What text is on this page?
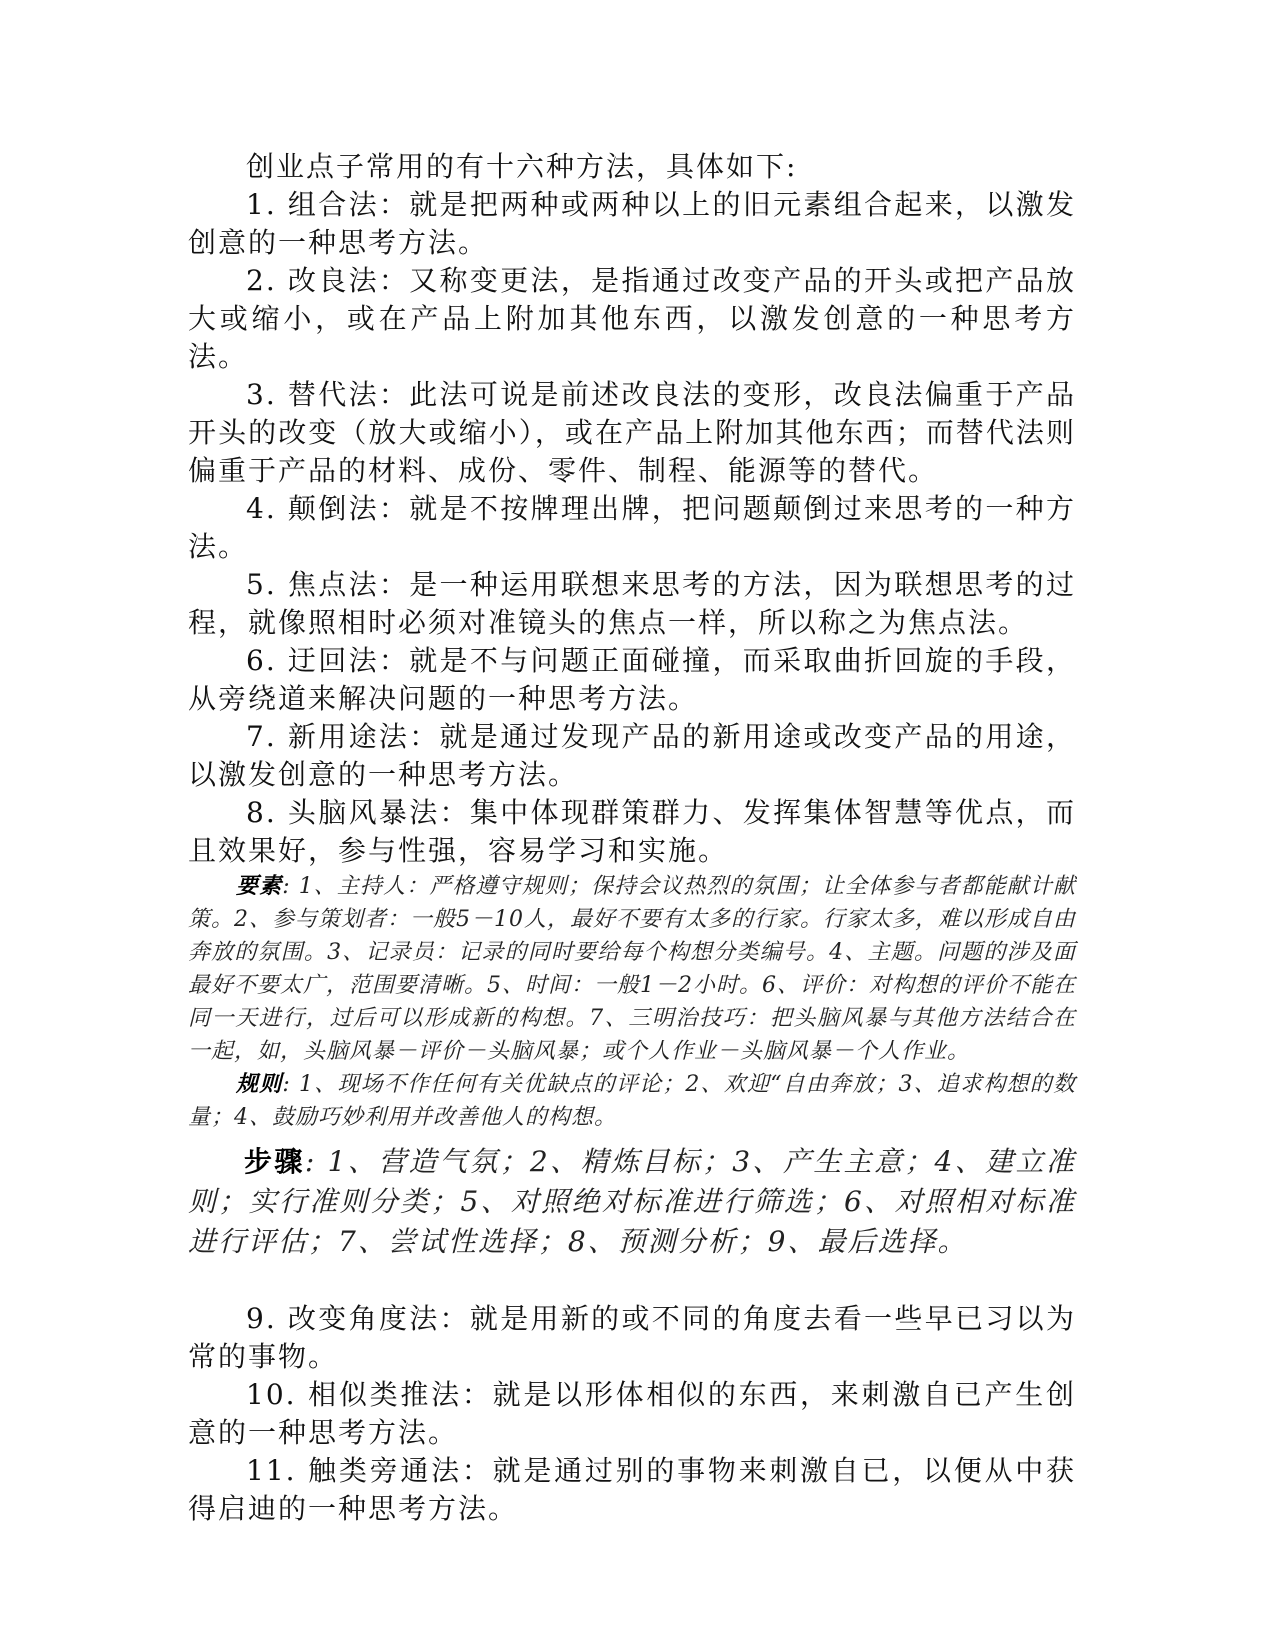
创业点子常用的有十六种方法，具体如下:

1. 组合法：就是把两种或两种以上的旧元素组合起来，以激发创意的一种思考方法。

2. 改良法：又称变更法，是指通过改变产品的开头或把产品放大或缩小，或在产品上附加其他东西，以激发创意的一种思考方法。

3. 替代法：此法可说是前述改良法的变形，改良法偏重于产品开头的改变（放大或缩小），或在产品上附加其他东西；而替代法则偏重于产品的材料、成份、零件、制程、能源等的替代。

4. 颠倒法：就是不按牌理出牌，把问题颠倒过来思考的一种方法。

5. 焦点法：是一种运用联想来思考的方法，因为联想思考的过程，就像照相时必须对准镜头的焦点一样，所以称之为焦点法。

6. 迂回法：就是不与问题正面碰撞，而采取曲折回旋的手段，从旁绕道来解决问题的一种思考方法。

7. 新用途法：就是通过发现产品的新用途或改变产品的用途，以激发创意的一种思考方法。

8. 头脑风暴法：集中体现群策群力、发挥集体智慧等优点，而且效果好，参与性强，容易学习和实施。

要素: 1、主持人：严格遵守规则；保持会议热烈的氛围；让全体参与者都能献计献策。2、参与策划者：一般5－10人，最好不要有太多的行家。行家太多，难以形成自由奔放的氛围。3、记录员：记录的同时要给每个构想分类编号。4、主题。问题的涉及面最好不要太广，范围要清晰。5、时间：一般1－2小时。6、评价：对构想的评价不能在同一天进行，过后可以形成新的构想。7、三明治技巧：把头脑风暴与其他方法结合在一起，如，头脑风暴－评价－头脑风暴；或个人作业－头脑风暴－个人作业。

规则: 1、现场不作任何有关优缺点的评论；2、欢迎“自由奔放；3、追求构想的数量；4、鼓励巧妙利用并改善他人的构想。

步骤: 1、营造气氛；2、精炼目标；3、产生主意；4、建立准则；实行准则分类；5、对照绝对标准进行筛选；6、对照相对标准进行评估；7、尝试性选择；8、预测分析；9、最后选择。

9. 改变角度法：就是用新的或不同的角度去看一些早已习以为常的事物。

10. 相似类推法：就是以形体相似的东西，来刺激自已产生创意的一种思考方法。

11. 触类旁通法：就是通过别的事物来刺激自已，以便从中获得启迪的一种思考方法。
